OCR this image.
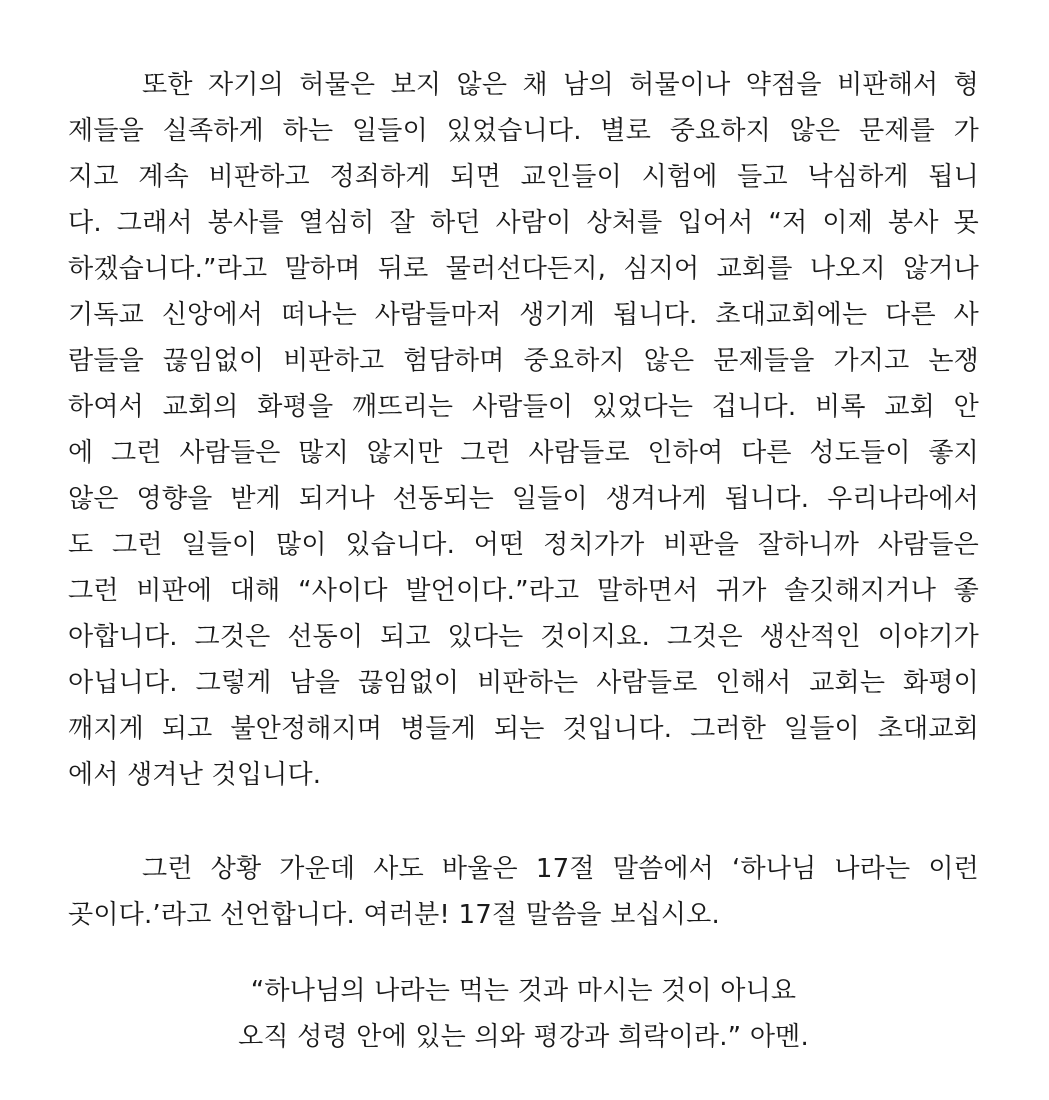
또한 자기의 허물은 보지 않은 채 남의 허물이나 약점을 비판해서 형
제들을 실족하게 하는 일들이 있었습니다. 별로 중요하지 않은 문제를 가
지고 계속 비판하고 정죄하게 되면 교인들이 시험에 들고 낙심하게 됩니
다. 그래서 봉사를 열심히 잘 하던 사람이 상처를 입어서 “저 이제 봉사 못
하겠습니다.”라고 말하며 뒤로 물러선다든지, 심지어 교회를 나오지 않거나
기독교 신앙에서 떠나는 사람들마저 생기게 됩니다. 초대교회에는 다른 사
람들을 끊임없이 비판하고 험담하며 중요하지 않은 문제들을 가지고 논쟁
하여서 교회의 화평을 깨뜨리는 사람들이 있었다는 겁니다. 비록 교회 안
에 그런 사람들은 많지 않지만 그런 사람들로 인하여 다른 성도들이 좋지
않은 영향을 받게 되거나 선동되는 일들이 생겨나게 됩니다. 우리나라에서
도 그런 일들이 많이 있습니다. 어떤 정치가가 비판을 잘하니까 사람들은
그런 비판에 대해 “사이다 발언이다.”라고 말하면서 귀가 솔깃해지거나 좋
아합니다. 그것은 선동이 되고 있다는 것이지요. 그것은 생산적인 이야기가
아닙니다. 그렇게 남을 끊임없이 비판하는 사람들로 인해서 교회는 화평이
깨지게 되고 불안정해지며 병들게 되는 것입니다. 그러한 일들이 초대교회
에서 생겨난 것입니다.
그런 상황 가운데 사도 바울은 17절 말씀에서 ‘하나님 나라는 이런
곳이다.’라고 선언합니다. 여러분! 17절 말씀을 보십시오.
“하나님의 나라는 먹는 것과 마시는 것이 아니요
오직 성령 안에 있는 의와 평강과 희락이라.” 아멘.
